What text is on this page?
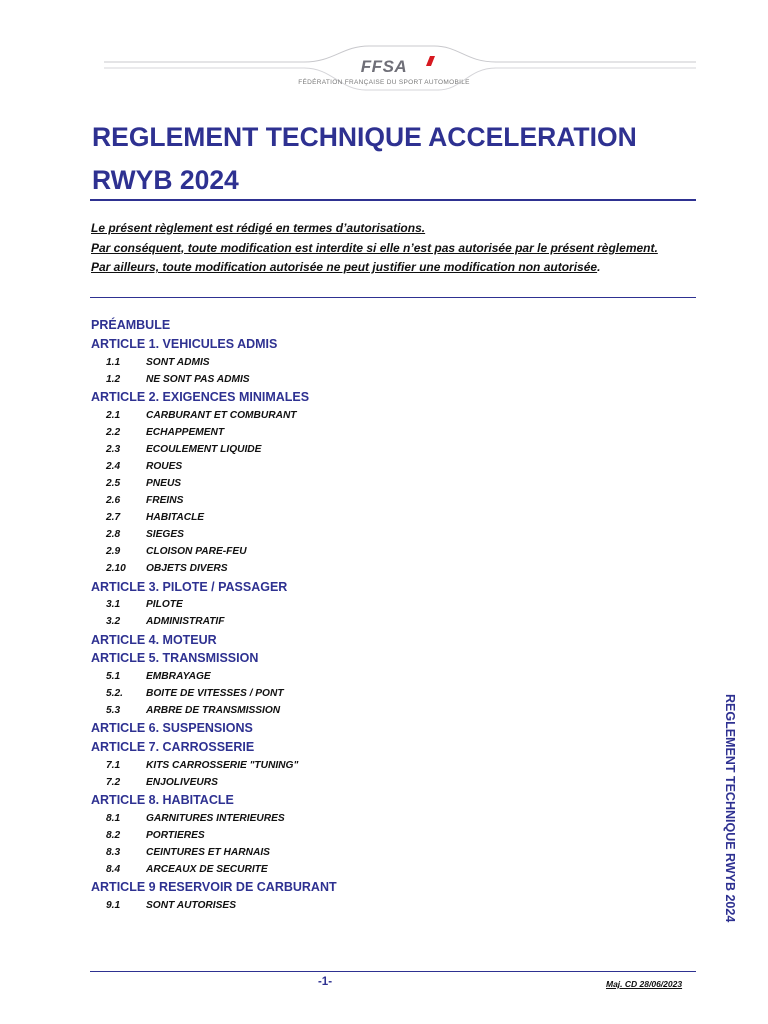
FFSA
FÉDÉRATION FRANÇAISE DU SPORT AUTOMOBILE
REGLEMENT TECHNIQUE ACCELERATION
RWYB 2024
Le présent règlement est rédigé en termes d’autorisations.
Par conséquent, toute modification est interdite si elle n’est pas autorisée par le présent règlement.
Par ailleurs, toute modification autorisée ne peut justifier une modification non autorisée.
PRÉAMBULE
ARTICLE 1. VEHICULES ADMIS
1.1	SONT ADMIS
1.2	NE SONT PAS ADMIS
ARTICLE 2. EXIGENCES MINIMALES
2.1	CARBURANT ET COMBURANT
2.2	ECHAPPEMENT
2.3	ECOULEMENT LIQUIDE
2.4	ROUES
2.5	PNEUS
2.6	FREINS
2.7	HABITACLE
2.8	SIEGES
2.9	CLOISON PARE-FEU
2.10	OBJETS DIVERS
ARTICLE 3. PILOTE / PASSAGER
3.1	PILOTE
3.2	ADMINISTRATIF
ARTICLE 4. MOTEUR
ARTICLE 5. TRANSMISSION
5.1	EMBRAYAGE
5.2.	BOITE DE VITESSES / PONT
5.3	ARBRE DE TRANSMISSION
ARTICLE 6. SUSPENSIONS
ARTICLE 7. CARROSSERIE
7.1	KITS CARROSSERIE "TUNING"
7.2	ENJOLIVEURS
ARTICLE 8. HABITACLE
8.1	GARNITURES INTERIEURES
8.2	PORTIERES
8.3	CEINTURES ET HARNAIS
8.4	ARCEAUX DE SECURITE
ARTICLE 9 RESERVOIR DE CARBURANT
9.1	SONT AUTORISES	REGLEMENT TECHNIQUE RWYB 2024
-1-	Maj. CD 28/06/2023
